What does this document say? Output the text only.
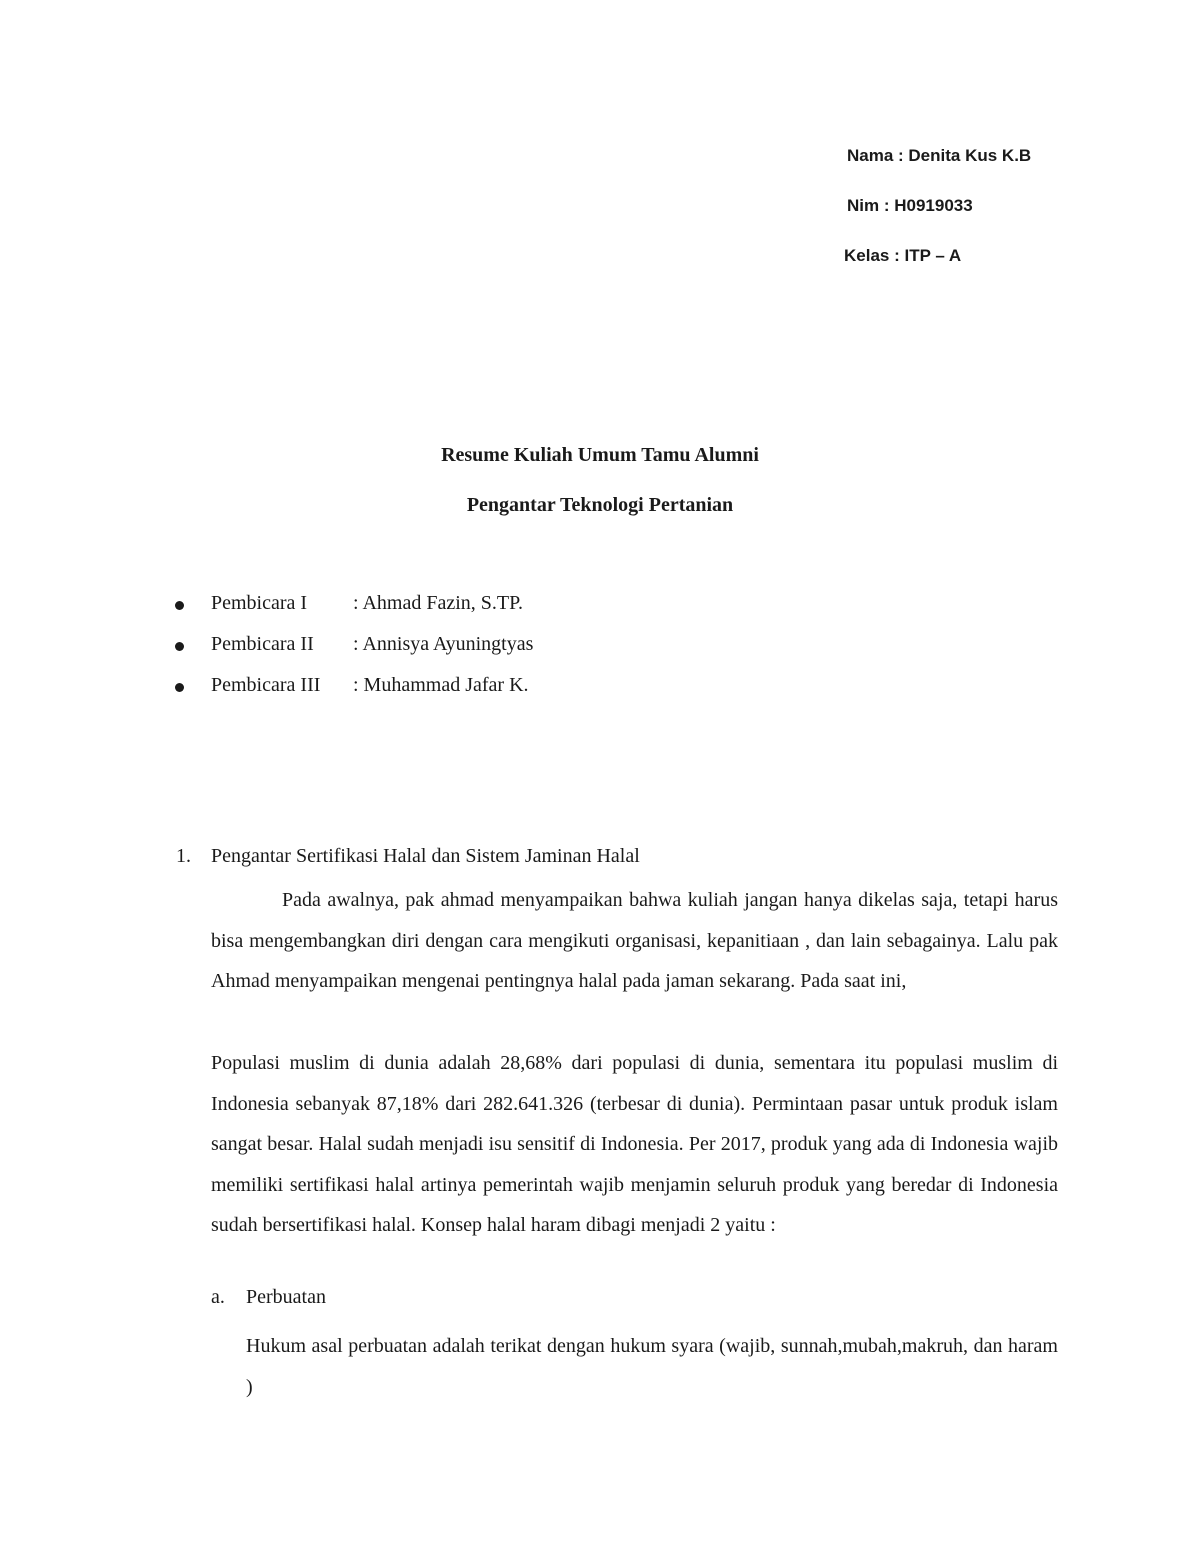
Nama : Denita Kus K.B
Nim : H0919033
Kelas : ITP – A
Resume Kuliah Umum Tamu Alumni
Pengantar Teknologi Pertanian
Pembicara I : Ahmad Fazin, S.TP.
Pembicara II : Annisya Ayuningtyas
Pembicara III : Muhammad Jafar K.
1. Pengantar Sertifikasi Halal dan Sistem Jaminan Halal

Pada awalnya, pak ahmad menyampaikan bahwa kuliah jangan hanya dikelas saja, tetapi harus bisa mengembangkan diri dengan cara mengikuti organisasi, kepanitiaan , dan lain sebagainya. Lalu pak Ahmad menyampaikan mengenai pentingnya halal pada jaman sekarang. Pada saat ini,

Populasi muslim di dunia adalah 28,68% dari populasi di dunia, sementara itu populasi muslim di Indonesia sebanyak 87,18% dari 282.641.326 (terbesar di dunia). Permintaan pasar untuk produk islam sangat besar. Halal sudah menjadi isu sensitif di Indonesia. Per 2017, produk yang ada di Indonesia wajib memiliki sertifikasi halal artinya pemerintah wajib menjamin seluruh produk yang beredar di Indonesia sudah bersertifikasi halal. Konsep halal haram dibagi menjadi 2 yaitu :

a. Perbuatan

Hukum asal perbuatan adalah terikat dengan hukum syara (wajib, sunnah,mubah,makruh, dan haram )
